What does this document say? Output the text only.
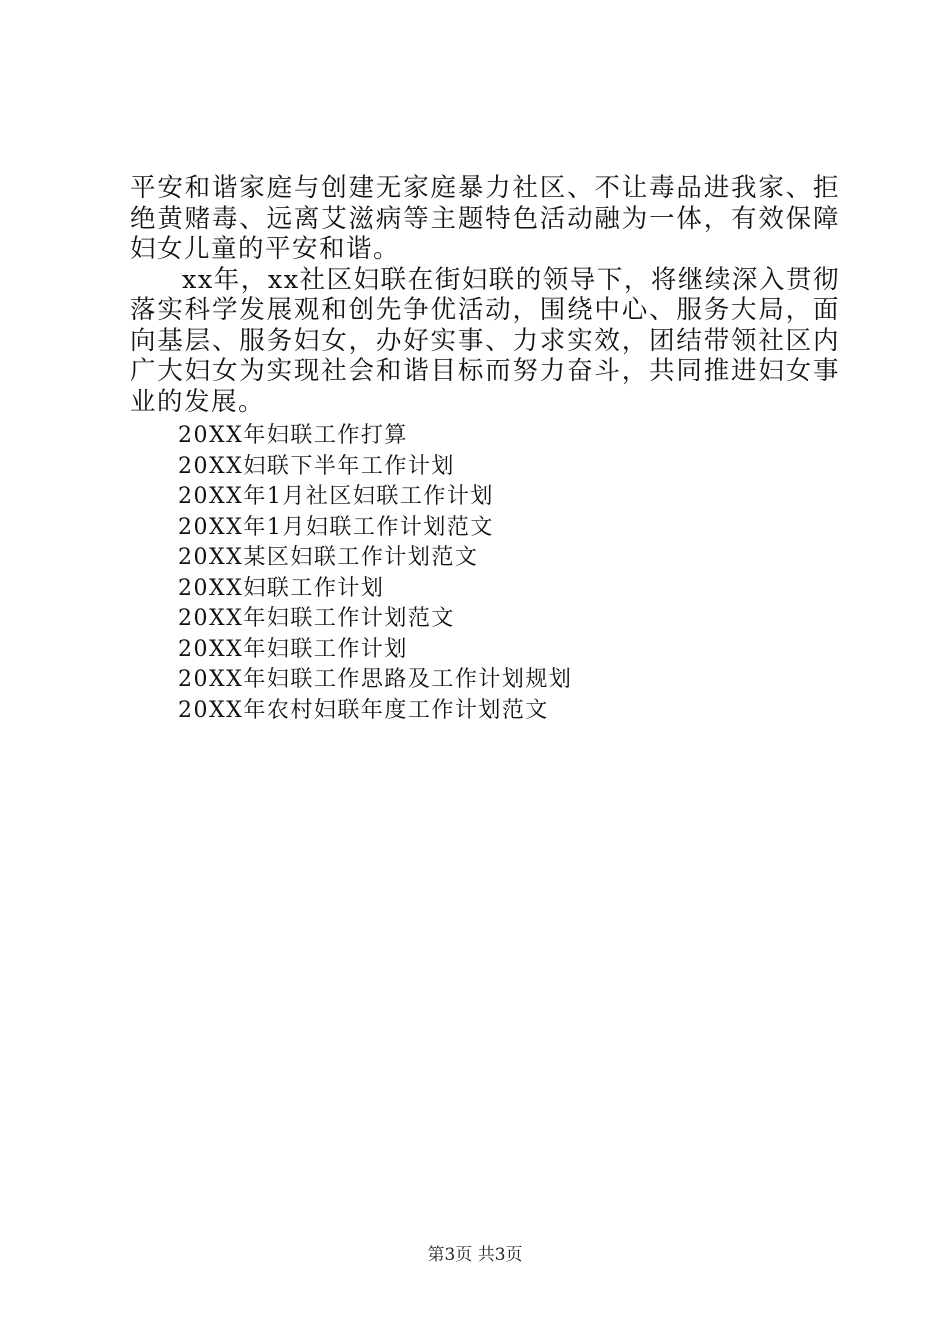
平安和谐家庭与创建无家庭暴力社区、不让毒品进我家、拒绝黄赌毒、远离艾滋病等主题特色活动融为一体，有效保障妇女儿童的平安和谐。

xx年，xx社区妇联在街妇联的领导下，将继续深入贯彻落实科学发展观和创先争优活动，围绕中心、服务大局，面向基层、服务妇女，办好实事、力求实效，团结带领社区内广大妇女为实现社会和谐目标而努力奋斗，共同推进妇女事业的发展。

20XX年妇联工作打算
20XX妇联下半年工作计划
20XX年1月社区妇联工作计划
20XX年1月妇联工作计划范文
20XX某区妇联工作计划范文
20XX妇联工作计划
20XX年妇联工作计划范文
20XX年妇联工作计划
20XX年妇联工作思路及工作计划规划
20XX年农村妇联年度工作计划范文
第3页 共3页
